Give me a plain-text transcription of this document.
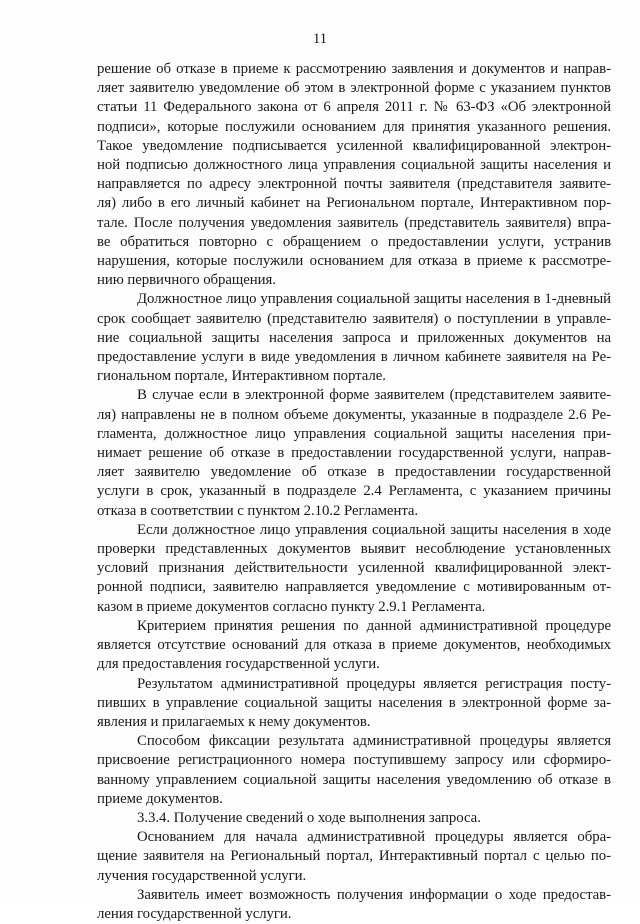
11

решение об отказе в приеме к рассмотрению заявления и документов и направ-
ляет заявителю уведомление об этом в электронной форме с указанием пунктов
статьи 11 Федерального закона от 6 апреля 2011 г. № 63-ФЗ «Об электронной
подписи», которые послужили основанием для принятия указанного решения.
Такое уведомление подписывается усиленной квалифицированной электрон-
ной подписью должностного лица управления социальной защиты населения и
направляется по адресу электронной почты заявителя (представителя заявите-
ля) либо в его личный кабинет на Региональном портале, Интерактивном пор-
тале. После получения уведомления заявитель (представитель заявителя) впра-
ве обратиться повторно с обращением о предоставлении услуги, устранив
нарушения, которые послужили основанием для отказа в приеме к рассмотре-
нию первичного обращения.

Должностное лицо управления социальной защиты населения в 1-дневный
срок сообщает заявителю (представителю заявителя) о поступлении в управле-
ние социальной защиты населения запроса и приложенных документов на
предоставление услуги в виде уведомления в личном кабинете заявителя на Ре-
гиональном портале, Интерактивном портале.

В случае если в электронной форме заявителем (представителем заявите-
ля) направлены не в полном объеме документы, указанные в подразделе 2.6 Ре-
гламента, должностное лицо управления социальной защиты населения при-
нимает решение об отказе в предоставлении государственной услуги, направ-
ляет заявителю уведомление об отказе в предоставлении государственной
услуги в срок, указанный в подразделе 2.4 Регламента, с указанием причины
отказа в соответствии с пунктом 2.10.2 Регламента.

Если должностное лицо управления социальной защиты населения в ходе
проверки представленных документов выявит несоблюдение установленных
условий признания действительности усиленной квалифицированной элект-
ронной подписи, заявителю направляется уведомление с мотивированным от-
казом в приеме документов согласно пункту 2.9.1 Регламента.

Критерием принятия решения по данной административной процедуре
является отсутствие оснований для отказа в приеме документов, необходимых
для предоставления государственной услуги.

Результатом административной процедуры является регистрация посту-
пивших в управление социальной защиты населения в электронной форме за-
явления и прилагаемых к нему документов.

Способом фиксации результата административной процедуры является
присвоение регистрационного номера поступившему запросу или сформиро-
ванному управлением социальной защиты населения уведомлению об отказе в
приеме документов.

3.3.4. Получение сведений о ходе выполнения запроса.

Основанием для начала административной процедуры является обра-
щение заявителя на Региональный портал, Интерактивный портал с целью по-
лучения государственной услуги.

Заявитель имеет возможность получения информации о ходе предостав-
ления государственной услуги.
